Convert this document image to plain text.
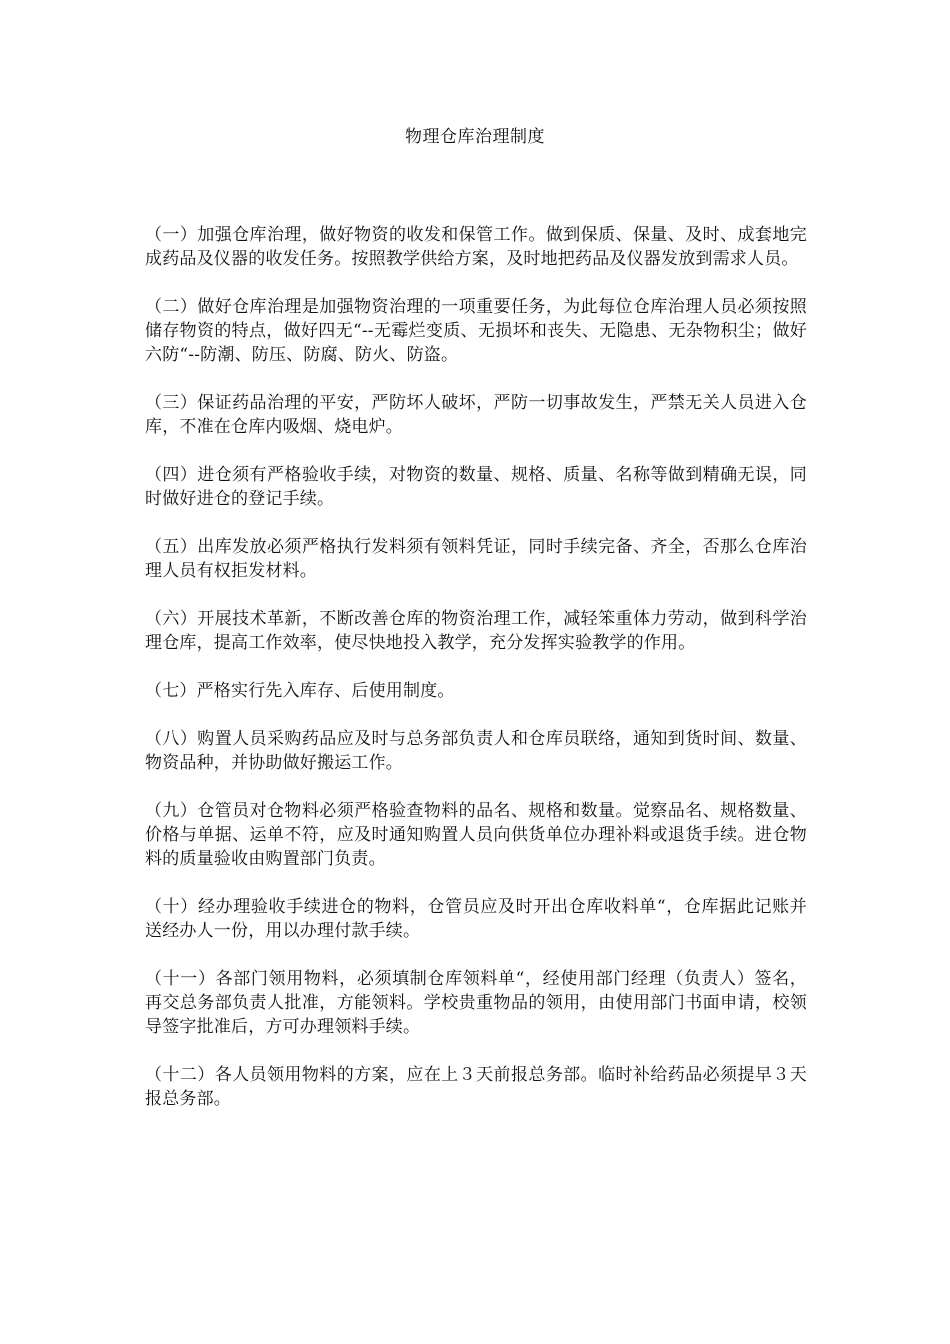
物理仓库治理制度

（一）加强仓库治理，做好物资的收发和保管工作。做到保质、保量、及时、成套地完成药品及仪器的收发任务。按照教学供给方案，及时地把药品及仪器发放到需求人员。

（二）做好仓库治理是加强物资治理的一项重要任务，为此每位仓库治理人员必须按照储存物资的特点，做好四无“--无霉烂变质、无损坏和丧失、无隐患、无杂物积尘；做好六防“--防潮、防压、防腐、防火、防盗。

（三）保证药品治理的平安，严防坏人破坏，严防一切事故发生，严禁无关人员进入仓库，不准在仓库内吸烟、烧电炉。

（四）进仓须有严格验收手续，对物资的数量、规格、质量、名称等做到精确无误，同时做好进仓的登记手续。

（五）出库发放必须严格执行发料须有领料凭证，同时手续完备、齐全，否那么仓库治理人员有权拒发材料。

（六）开展技术革新，不断改善仓库的物资治理工作，减轻笨重体力劳动，做到科学治理仓库，提高工作效率，使尽快地投入教学，充分发挥实验教学的作用。

（七）严格实行先入库存、后使用制度。

（八）购置人员采购药品应及时与总务部负责人和仓库员联络，通知到货时间、数量、物资品种，并协助做好搬运工作。

（九）仓管员对仓物料必须严格验查物料的品名、规格和数量。觉察品名、规格数量、价格与单据、运单不符，应及时通知购置人员向供货单位办理补料或退货手续。进仓物料的质量验收由购置部门负责。

（十）经办理验收手续进仓的物料，仓管员应及时开出仓库收料单“，仓库据此记账并送经办人一份，用以办理付款手续。

（十一）各部门领用物料，必须填制仓库领料单“，经使用部门经理（负责人）签名，再交总务部负责人批准，方能领料。学校贵重物品的领用，由使用部门书面申请，校领导签字批准后，方可办理领料手续。

（十二）各人员领用物料的方案，应在上３天前报总务部。临时补给药品必须提早３天报总务部。
